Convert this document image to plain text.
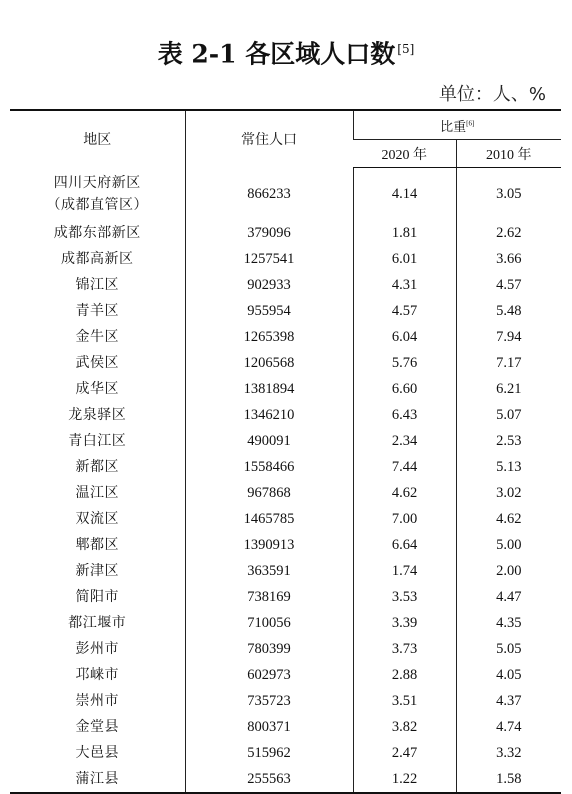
表 2-1 各区域人口数 [5]
单位：人、%
地区	常住人口	比重[6]
		2020 年	2010 年
四川天府新区
（成都直管区）	866233	4.14	3.05
成都东部新区	379096	1.81	2.62
成都高新区	1257541	6.01	3.66
锦江区	902933	4.31	4.57
青羊区	955954	4.57	5.48
金牛区	1265398	6.04	7.94
武侯区	1206568	5.76	7.17
成华区	1381894	6.60	6.21
龙泉驿区	1346210	6.43	5.07
青白江区	490091	2.34	2.53
新都区	1558466	7.44	5.13
温江区	967868	4.62	3.02
双流区	1465785	7.00	4.62
郫都区	1390913	6.64	5.00
新津区	363591	1.74	2.00
简阳市	738169	3.53	4.47
都江堰市	710056	3.39	4.35
彭州市	780399	3.73	5.05
邛崃市	602973	2.88	4.05
崇州市	735723	3.51	4.37
金堂县	800371	3.82	4.74
大邑县	515962	2.47	3.32
蒲江县	255563	1.22	1.58
